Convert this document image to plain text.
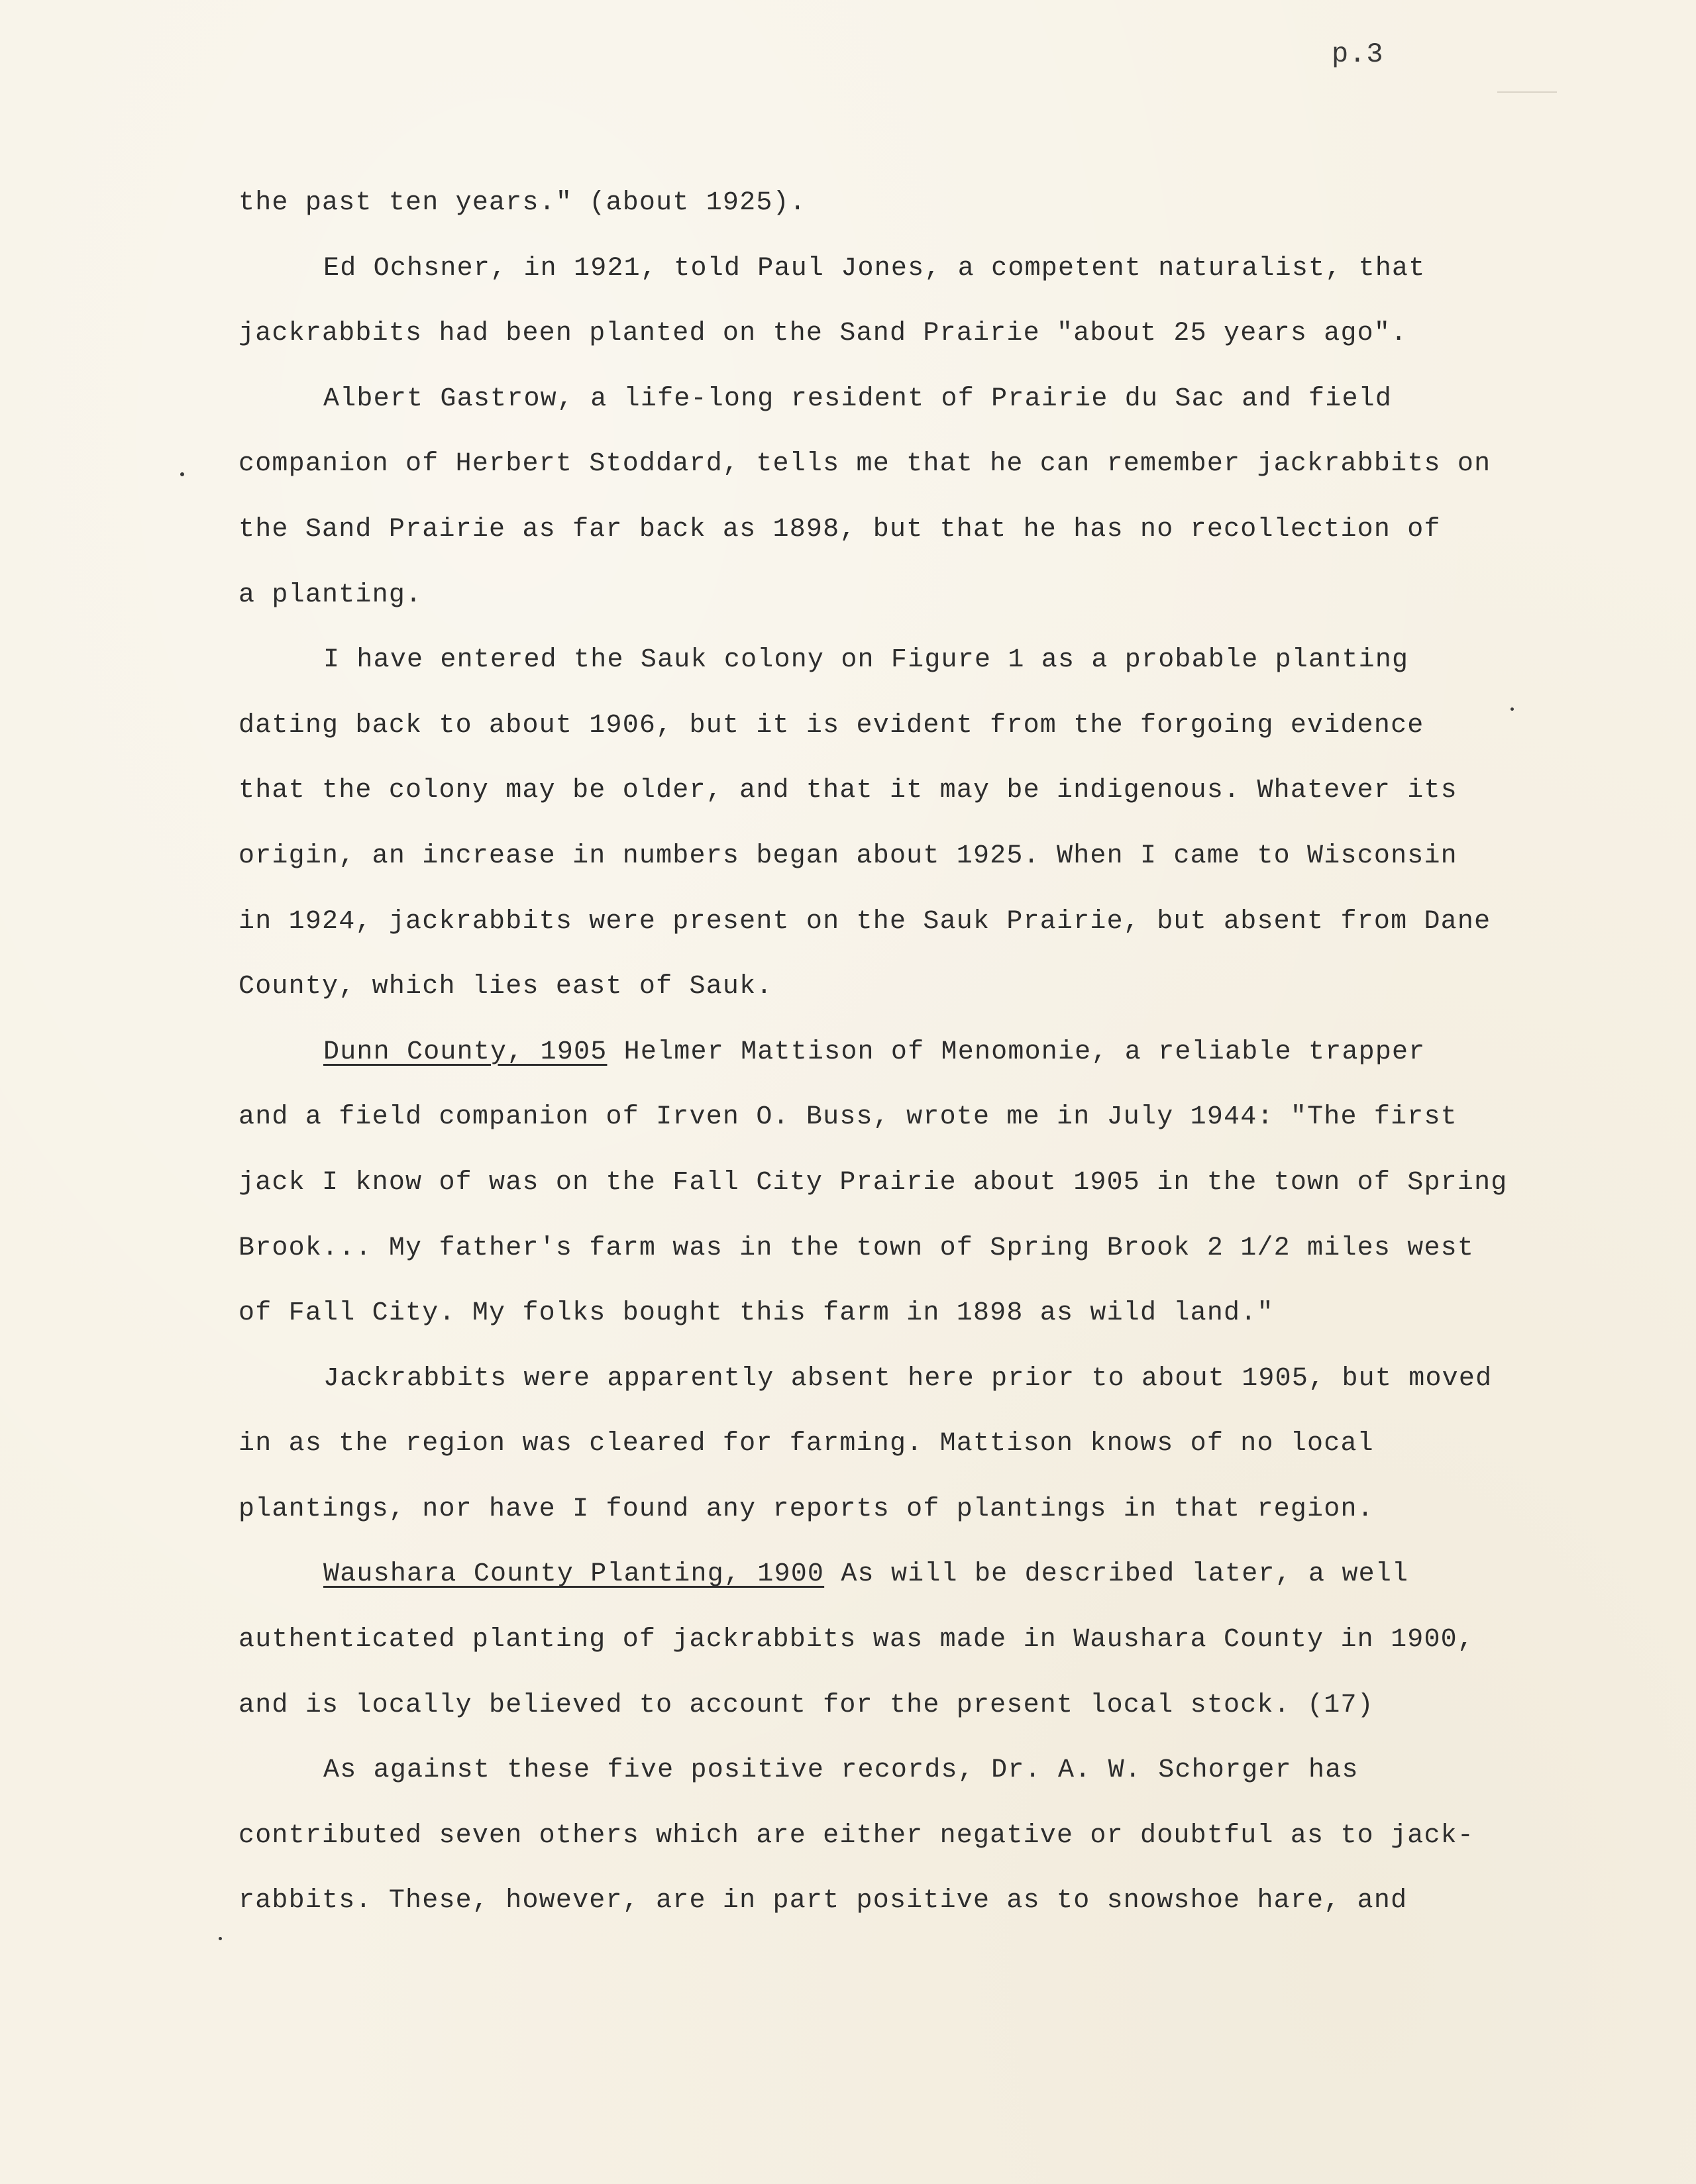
p.3
the past ten years." (about 1925).
Ed Ochsner, in 1921, told Paul Jones, a competent naturalist, that
jackrabbits had been planted on the Sand Prairie "about 25 years ago".
Albert Gastrow, a life-long resident of Prairie du Sac and field
companion of Herbert Stoddard, tells me that he can remember jackrabbits on
the Sand Prairie as far back as 1898, but that he has no recollection of
a planting.
I have entered the Sauk colony on Figure 1 as a probable planting
dating back to about 1906, but it is evident from the forgoing evidence
that the colony may be older, and that it may be indigenous. Whatever its
origin, an increase in numbers began about 1925. When I came to Wisconsin
in 1924, jackrabbits were present on the Sauk Prairie, but absent from Dane
County, which lies east of Sauk.
Dunn County, 1905 Helmer Mattison of Menomonie, a reliable trapper
and a field companion of Irven O. Buss, wrote me in July 1944: "The first
jack I know of was on the Fall City Prairie about 1905 in the town of Spring
Brook... My father's farm was in the town of Spring Brook 2 1/2 miles west
of Fall City. My folks bought this farm in 1898 as wild land."
Jackrabbits were apparently absent here prior to about 1905, but moved
in as the region was cleared for farming. Mattison knows of no local
plantings, nor have I found any reports of plantings in that region.
Waushara County Planting, 1900 As will be described later, a well
authenticated planting of jackrabbits was made in Waushara County in 1900,
and is locally believed to account for the present local stock. (17)
As against these five positive records, Dr. A. W. Schorger has
contributed seven others which are either negative or doubtful as to jack-
rabbits. These, however, are in part positive as to snowshoe hare, and
